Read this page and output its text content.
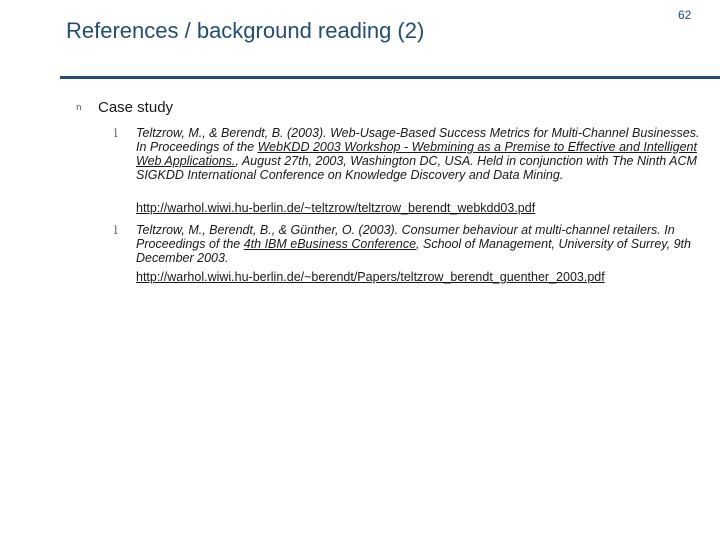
References / background reading (2)
62
n Case study
l Teltzrow, M., & Berendt, B. (2003). Web-Usage-Based Success Metrics for Multi-Channel Businesses. In Proceedings of the WebKDD 2003 Workshop - Webmining as a Premise to Effective and Intelligent Web Applications., August 27th, 2003, Washington DC, USA. Held in conjunction with The Ninth ACM SIGKDD International Conference on Knowledge Discovery and Data Mining.
http://warhol.wiwi.hu-berlin.de/~teltzrow/teltzrow_berendt_webkdd03.pdf
l Teltzrow, M., Berendt, B., & Günther, O. (2003). Consumer behaviour at multi-channel retailers. In Proceedings of the 4th IBM eBusiness Conference, School of Management, University of Surrey, 9th December 2003.
http://warhol.wiwi.hu-berlin.de/~berendt/Papers/teltzrow_berendt_guenther_2003.pdf
